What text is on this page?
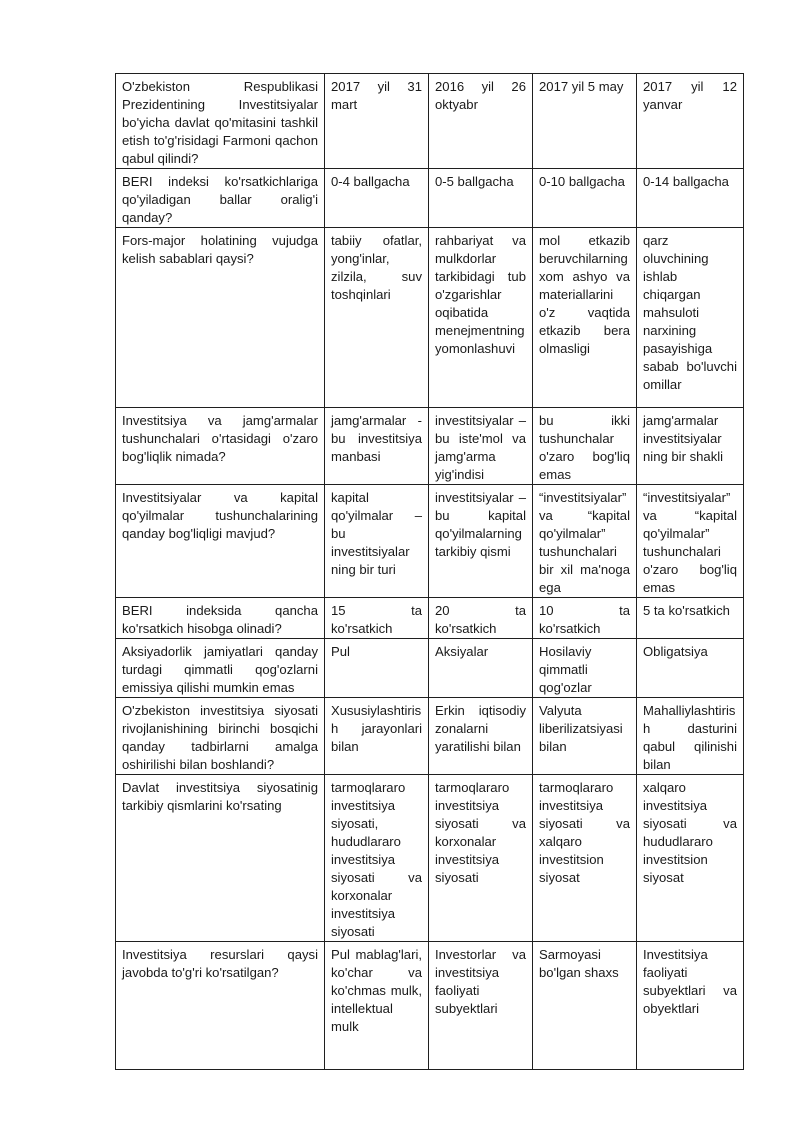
O'zbekiston Respublikasi Prezidentining Investitsiyalar bo'yicha davlat qo'mitasini tashkil etish to'g'risidagi Farmoni qachon qabul qilindi?	2017 yil 31 mart	2016 yil 26 oktyabr	2017 yil 5 may	2017 yil 12 yanvar
BERI indeksi ko'rsatkichlariga qo'yiladigan ballar oralig'i qanday?	0-4 ballgacha	0-5 ballgacha	0-10 ballgacha	0-14 ballgacha
Fors-major holatining vujudga kelish sabablari qaysi?	tabiiy ofatlar, yong'inlar, zilzila, suv toshqinlari	rahbariyat va mulkdorlar tarkibidagi tub o'zgarishlar oqibatida menejmentning yomonlashuvi	mol etkazib beruvchilarning xom ashyo va materiallarini o'z vaqtida etkazib bera olmasligi	qarz oluvchining ishlab chiqargan mahsuloti narxining pasayishiga sabab bo'luvchi omillar
Investitsiya va jamg'armalar tushunchalari o'rtasidagi o'zaro bog'liqlik nimada?	jamg'armalar - bu investitsiya manbasi	investitsiyalar – bu iste'mol va jamg'arma yig'indisi	bu ikki tushunchalar o'zaro bog'liq emas	jamg'armalar investitsiyalar ning bir shakli
Investitsiyalar va kapital qo'yilmalar tushunchalarining qanday bog'liqligi mavjud?	kapital qo'yilmalar – bu investitsiyalar ning bir turi	investitsiyalar – bu kapital qo'yilmalarning tarkibiy qismi	“investitsiyalar” va “kapital qo'yilmalar” tushunchalari bir xil ma'noga ega	“investitsiyalar” va “kapital qo'yilmalar” tushunchalari o'zaro bog'liq emas
BERI indeksida qancha ko'rsatkich hisobga olinadi?	15 ta ko'rsatkich	20 ta ko'rsatkich	10 ta ko'rsatkich	5 ta ko'rsatkich
Aksiyadorlik jamiyatlari qanday turdagi qimmatli qog'ozlarni emissiya qilishi mumkin emas	Pul	Aksiyalar	Hosilaviy qimmatli qog'ozlar	Obligatsiya
O'zbekiston investitsiya siyosati rivojlanishining birinchi bosqichi qanday tadbirlarni amalga oshirilishi bilan boshlandi?	Xususiylashtirish jarayonlari bilan	Erkin iqtisodiy zonalarni yaratilishi bilan	Valyuta liberilizatsiyasi bilan	Mahalliylashtirish dasturini qabul qilinishi bilan
Davlat investitsiya siyosatinig tarkibiy qismlarini ko'rsating	tarmoqlararo investitsiya siyosati, hududlararo investitsiya siyosati va korxonalar investitsiya siyosati	tarmoqlararo investitsiya siyosati va korxonalar investitsiya siyosati	tarmoqlararo investitsiya siyosati va xalqaro investitsion siyosat	xalqaro investitsiya siyosati va hududlararo investitsion siyosat
Investitsiya resurslari qaysi javobda to'g'ri ko'rsatilgan?	Pul mablag'lari, ko'char va ko'chmas mulk, intellektual mulk	Investorlar va investitsiya faoliyati subyektlari	Sarmoyasi bo'lgan shaxs	Investitsiya faoliyati subyektlari va obyektlari
